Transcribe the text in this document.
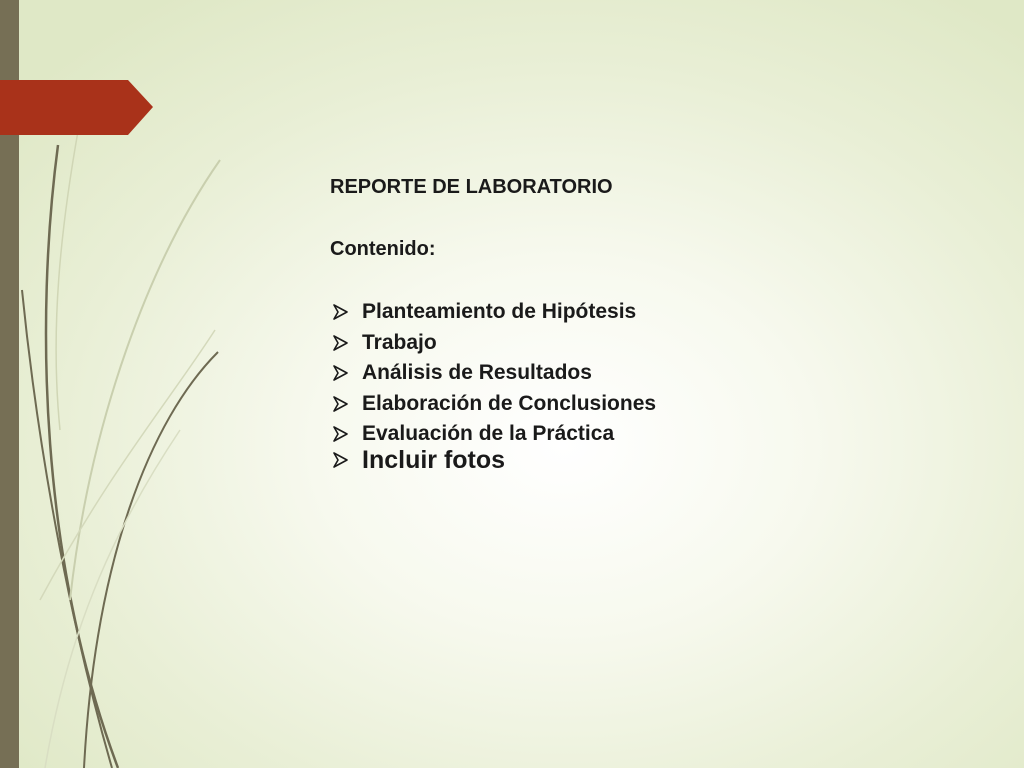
REPORTE DE LABORATORIO
Contenido:
Planteamiento de Hipótesis
Trabajo
Análisis de Resultados
Elaboración de Conclusiones
Evaluación de la Práctica
Incluir fotos
